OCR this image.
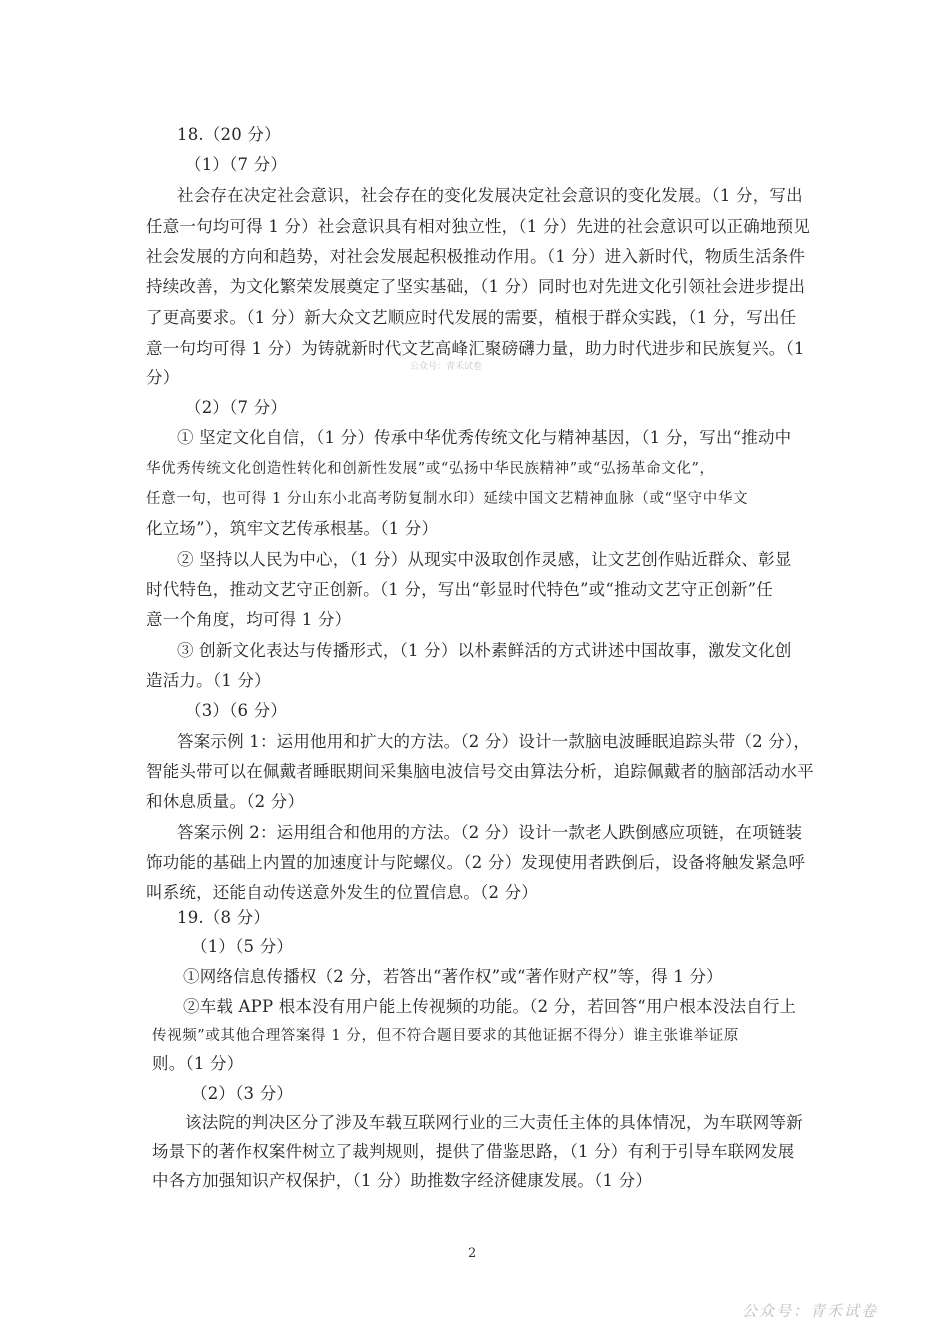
18.（20 分）
（1）（7 分）
社会存在决定社会意识，社会存在的变化发展决定社会意识的变化发展。（1 分，写出
任意一句均可得 1 分）社会意识具有相对独立性，（1 分）先进的社会意识可以正确地预见
社会发展的方向和趋势，对社会发展起积极推动作用。（1 分）进入新时代，物质生活条件
持续改善，为文化繁荣发展奠定了坚实基础，（1 分）同时也对先进文化引领社会进步提出
了更高要求。（1 分）新大众文艺顺应时代发展的需要，植根于群众实践，（1 分，写出任
意一句均可得 1 分）为铸就新时代文艺高峰汇聚磅礴力量，助力时代进步和民族复兴。（1
分）
公众号：青禾试卷
（2）（7 分）
① 坚定文化自信，（1 分）传承中华优秀传统文化与精神基因，（1 分，写出“推动中
华优秀传统文化创造性转化和创新性发展”或“弘扬中华民族精神”或“弘扬革命文化”，
任意一句，也可得 1 分山东小北高考防复制水印）延续中国文艺精神血脉（或“坚守中华文
化立场”），筑牢文艺传承根基。（1 分）
② 坚持以人民为中心，（1 分）从现实中汲取创作灵感，让文艺创作贴近群众、彰显
时代特色，推动文艺守正创新。（1 分，写出“彰显时代特色”或“推动文艺守正创新”任
意一个角度，均可得 1 分）
③ 创新文化表达与传播形式，（1 分）以朴素鲜活的方式讲述中国故事，激发文化创
造活力。（1 分）
（3）（6 分）
答案示例 1：运用他用和扩大的方法。（2 分）设计一款脑电波睡眠追踪头带（2 分），
智能头带可以在佩戴者睡眠期间采集脑电波信号交由算法分析，追踪佩戴者的脑部活动水平
和休息质量。（2 分）
答案示例 2：运用组合和他用的方法。（2 分）设计一款老人跌倒感应项链，在项链装
饰功能的基础上内置的加速度计与陀螺仪。（2 分）发现使用者跌倒后，设备将触发紧急呼
叫系统，还能自动传送意外发生的位置信息。（2 分）
19.（8 分）
（1）（5 分）
①网络信息传播权（2 分，若答出“著作权”或“著作财产权”等，得 1 分）
②车载 APP 根本没有用户能上传视频的功能。（2 分，若回答“用户根本没法自行上
传视频”或其他合理答案得 1 分，但不符合题目要求的其他证据不得分）谁主张谁举证原
则。（1 分）
（2）（3 分）
该法院的判决区分了涉及车载互联网行业的三大责任主体的具体情况，为车联网等新
场景下的著作权案件树立了裁判规则，提供了借鉴思路，（1 分）有利于引导车联网发展
中各方加强知识产权保护，（1 分）助推数字经济健康发展。（1 分）
2
公众号：青禾试卷
